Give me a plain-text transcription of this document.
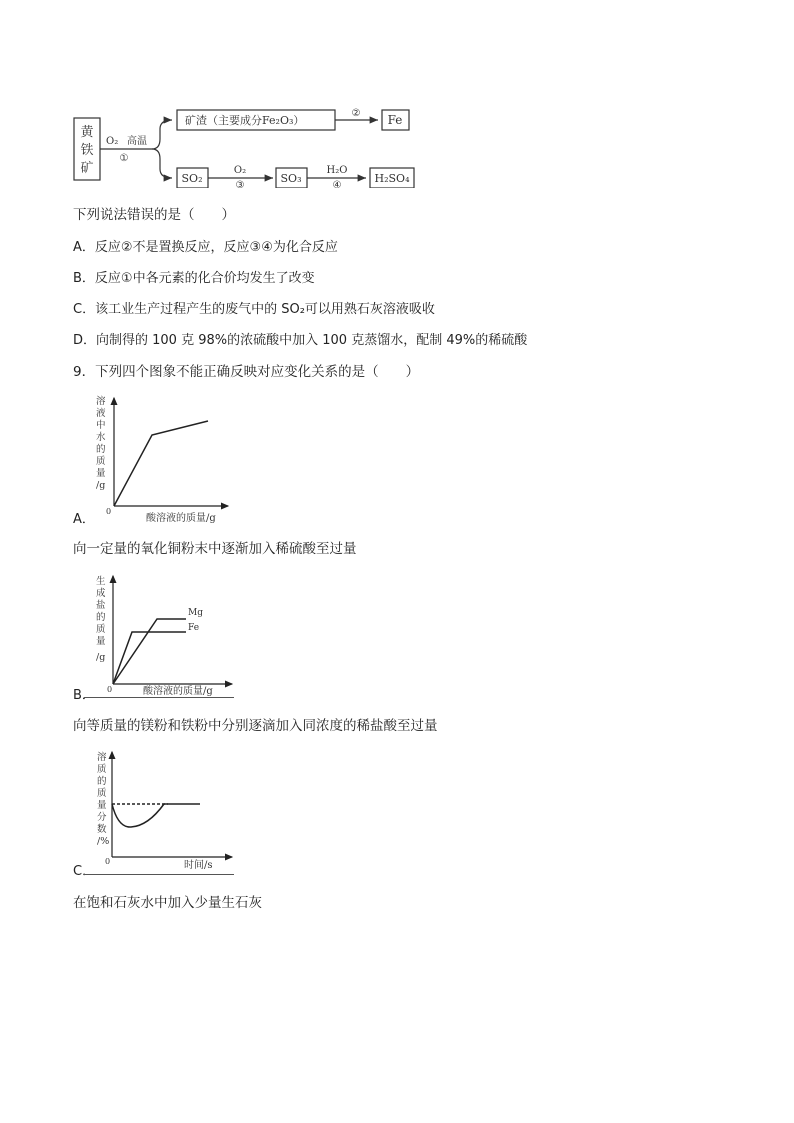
黄
铁
矿
O₂ 高温
①
矿渣（主要成分Fe₂O₃）
② Fe
SO₂
O₂
③
SO₃
H₂O
④
H₂SO₄
下列说法错误的是（　　）
A．反应②不是置换反应，反应③④为化合反应
B．反应①中各元素的化合价均发生了改变
C．该工业生产过程产生的废气中的 SO₂可以用熟石灰溶液吸收
D．向制得的 100 克 98%的浓硫酸中加入 100 克蒸馏水，配制 49%的稀硫酸
9．下列四个图象不能正确反映对应变化关系的是（　　）
0
酸溶液的质量/g
溶液中 水的质 量/g
A．
向一定量的氧化铜粉末中逐渐加入稀硫酸至过量
Mg
Fe
0	酸溶液的质量/g
生成盐 的质量 /g
B．
向等质量的镁粉和铁粉中分别逐滴加入同浓度的稀盐酸至过量
0	时间/s
溶质的 质量分 数/%
C．
在饱和石灰水中加入少量生石灰
